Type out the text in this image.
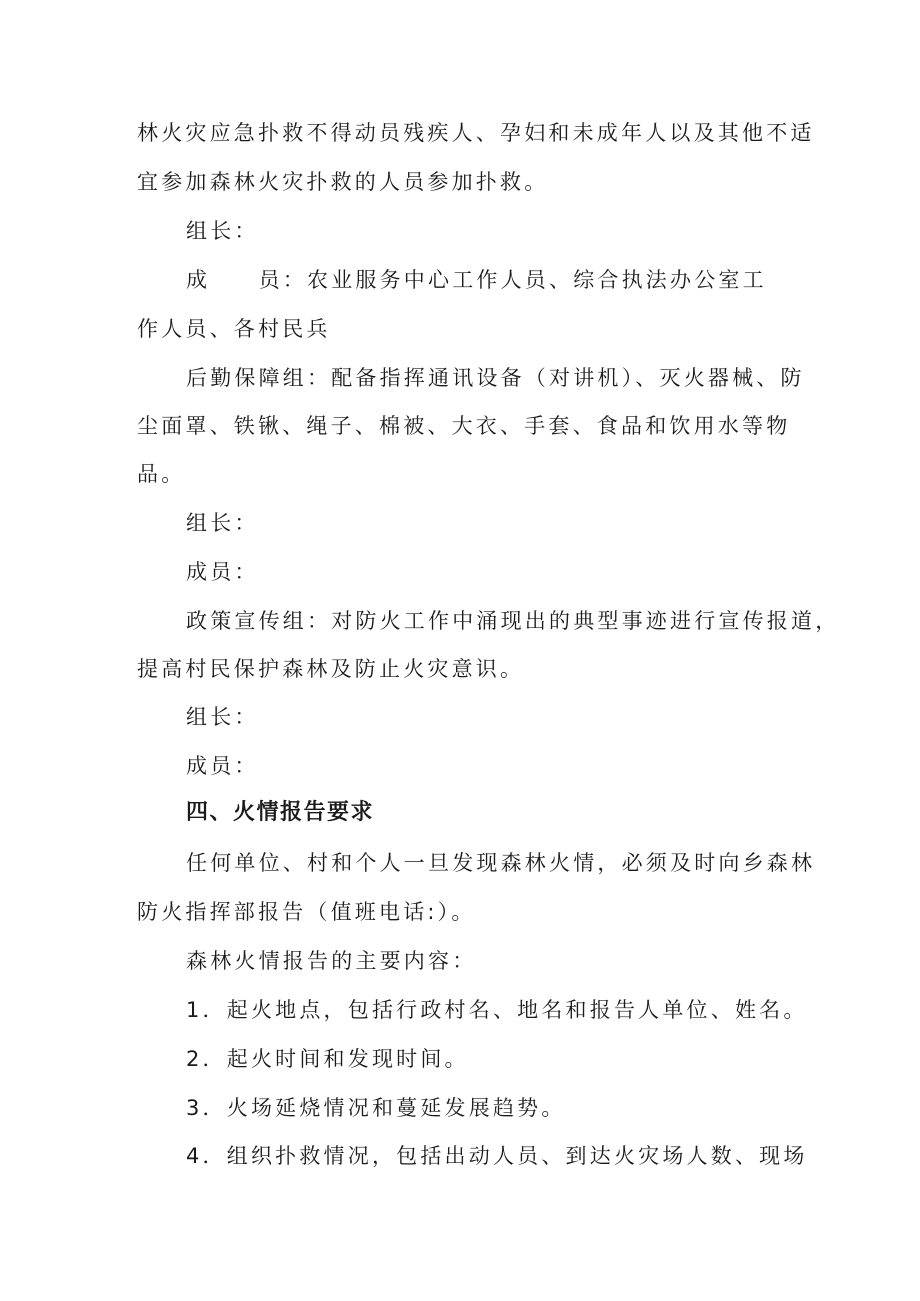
林火灾应急扑救不得动员残疾人、孕妇和未成年人以及其他不适
宜参加森林火灾扑救的人员参加扑救。
组长：
成　　员：农业服务中心工作人员、综合执法办公室工
作人员、各村民兵
后勤保障组：配备指挥通讯设备（对讲机）、灭火器械、防
尘面罩、铁锹、绳子、棉被、大衣、手套、食品和饮用水等物
品。
组长：
成员：
政策宣传组：对防火工作中涌现出的典型事迹进行宣传报道，
提高村民保护森林及防止火灾意识。
组长：
成员：
四、火情报告要求
任何单位、村和个人一旦发现森林火情，必须及时向乡森林
防火指挥部报告（值班电话:）。
森林火情报告的主要内容：
1．起火地点，包括行政村名、地名和报告人单位、姓名。
2．起火时间和发现时间。
3．火场延烧情况和蔓延发展趋势。
4．组织扑救情况，包括出动人员、到达火灾场人数、现场
